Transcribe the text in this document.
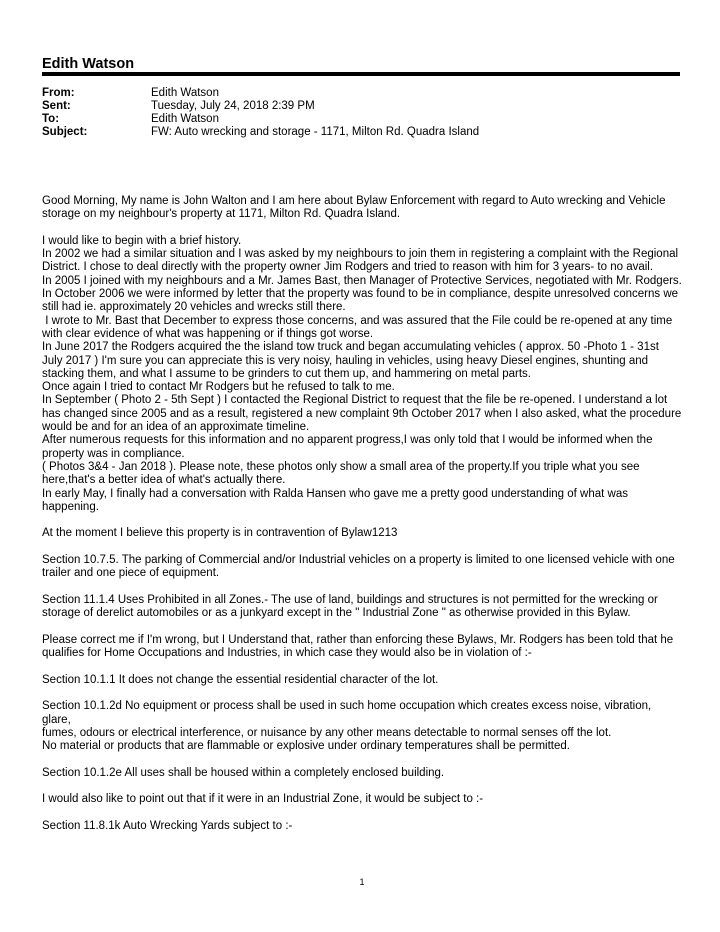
Edith Watson
From:	Edith Watson
Sent:	Tuesday, July 24, 2018 2:39 PM
To:	Edith Watson
Subject:	FW: Auto wrecking and storage - 1171, Milton Rd. Quadra Island

Good Morning, My name is John Walton and I am here about Bylaw Enforcement with regard to Auto wrecking and Vehicle storage on my neighbour's property at 1171, Milton Rd. Quadra Island.

I would like to begin with a brief history.

In 2002 we had a similar situation and I was asked by my neighbours to join them in registering a complaint with the Regional District. I chose to deal directly with the property owner Jim Rodgers and tried to reason with him for 3 years- to no avail.

In 2005 I joined with my neighbours and a Mr. James Bast, then Manager of Protective Services, negotiated with Mr. Rodgers.

In October 2006 we were informed by letter that the property was found to be in compliance, despite unresolved concerns we still had ie. approximately 20 vehicles and wrecks still there.

I wrote to Mr. Bast that December to express those concerns, and was assured that the File could be re-opened at any time with clear evidence of what was happening or if things got worse.

In June 2017 the Rodgers acquired the the island tow truck and began accumulating vehicles ( approx. 50 -Photo 1 - 31st July 2017 ) I'm sure you can appreciate this is very noisy, hauling in vehicles, using heavy Diesel engines, shunting and stacking them, and what I assume to be grinders to cut them up, and hammering on metal parts.

Once again I tried to contact Mr Rodgers but he refused to talk to me.

In September ( Photo 2 - 5th Sept ) I contacted the Regional District to request that the file be re-opened. I understand a lot has changed since 2005 and as a result, registered a new complaint 9th October 2017 when I also asked, what the procedure would be and for an idea of an approximate timeline.

After numerous requests for this information and no apparent progress,I was only told that I would be informed when the property was in compliance.

( Photos 3&4 - Jan 2018 ). Please note, these photos only show a small area of the property.If you triple what you see here,that's a better idea of what's actually there.

In early May, I finally had a conversation with Ralda Hansen who gave me a pretty good understanding of what was happening.

At the moment I believe this property is in contravention of Bylaw1213

Section 10.7.5. The parking of Commercial and/or Industrial vehicles on a property is limited to one licensed vehicle with one trailer and one piece of equipment.

Section 11.1.4 Uses Prohibited in all Zones.- The use of land, buildings and structures is not permitted for the wrecking or storage of derelict automobiles or as a junkyard except in the " Industrial Zone " as otherwise provided in this Bylaw.

Please correct me if I'm wrong, but I Understand that, rather than enforcing these Bylaws, Mr. Rodgers has been told that he qualifies for Home Occupations and Industries, in which case they would also be in violation of :-

Section 10.1.1 It does not change the essential residential character of the lot.

Section 10.1.2d No equipment or process shall be used in such home occupation which creates excess noise, vibration, glare,

fumes, odours or electrical interference, or nuisance by any other means detectable to normal senses off the lot.

No material or products that are flammable or explosive under ordinary temperatures shall be permitted.

Section 10.1.2e All uses shall be housed within a completely enclosed building.

I would also like to point out that if it were in an Industrial Zone, it would be subject to :-

Section 11.8.1k Auto Wrecking Yards subject to :-

1
